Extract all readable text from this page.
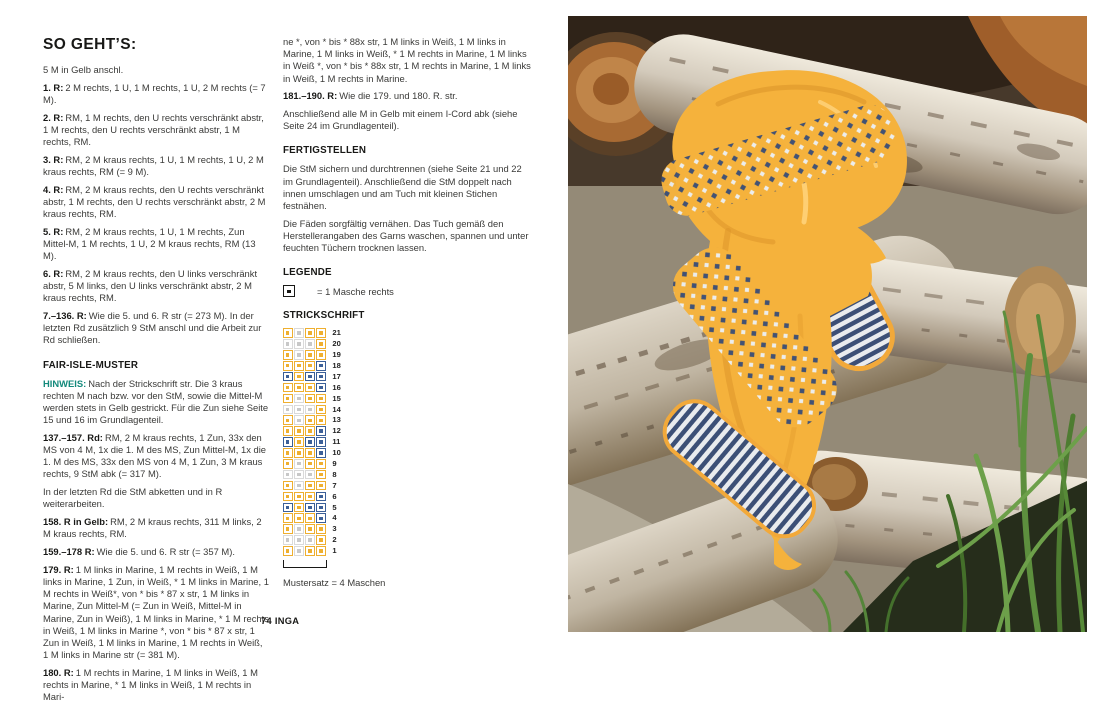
SO GEHT’S:

5 M in Gelb anschl.

1. R: 2 M rechts, 1 U, 1 M rechts, 1 U, 2 M rechts (= 7 M).

2. R: RM, 1 M rechts, den U rechts verschränkt abstr, 1 M rechts, den U rechts verschränkt abstr, 1 M rechts, RM.

3. R: RM, 2 M kraus rechts, 1 U, 1 M rechts, 1 U, 2 M kraus rechts, RM (= 9 M).

4. R: RM, 2 M kraus rechts, den U rechts verschränkt abstr, 1 M rechts, den U rechts verschränkt abstr, 2 M kraus rechts, RM.

5. R: RM, 2 M kraus rechts, 1 U, 1 M rechts, Zun Mittel-M, 1 M rechts, 1 U, 2 M kraus rechts, RM (13 M).

6. R: RM, 2 M kraus rechts, den U links verschränkt abstr, 5 M links, den U links verschränkt abstr, 2 M kraus rechts, RM.

7.–136. R: Wie die 5. und 6. R str (= 273 M). In der letzten Rd zusätzlich 9 StM anschl und die Arbeit zur Rd schließen.

FAIR-ISLE-MUSTER

HINWEIS: Nach der Strickschrift str. Die 3 kraus rechten M nach bzw. vor den StM, sowie die Mittel-M werden stets in Gelb gestrickt. Für die Zun siehe Seite 15 und 16 im Grundlagenteil.

137.–157. Rd: RM, 2 M kraus rechts, 1 Zun, 33x den MS von 4 M, 1x die 1. M des MS, Zun Mittel-M, 1x die 1. M des MS, 33x den MS von 4 M, 1 Zun, 3 M kraus rechts, 9 StM abk (= 317 M).

In der letzten Rd die StM abketten und in R weiterarbeiten.

158. R in Gelb: RM, 2 M kraus rechts, 311 M links, 2 M kraus rechts, RM.

159.–178 R: Wie die 5. und 6. R str (= 357 M).

179. R: 1 M links in Marine, 1 M rechts in Weiß, 1 M links in Marine, 1 Zun, in Weiß, * 1 M links in Marine, 1 M rechts in Weiß*, von * bis * 87 x str, 1 M links in Marine, Zun Mittel-M (= Zun in Weiß, Mittel-M in Marine, Zun in Weiß), 1 M links in Marine, * 1 M rechts in Weiß, 1 M links in Marine *, von * bis * 87 x str, 1 Zun in Weiß, 1 M links in Marine, 1 M rechts in Weiß, 1 M links in Marine str (= 381 M).

180. R: 1 M rechts in Marine, 1 M links in Weiß, 1 M rechts in Marine, * 1 M links in Weiß, 1 M rechts in Mari-

ne *, von * bis * 88x str, 1 M links in Weiß, 1 M links in Marine, 1 M links in Weiß, * 1 M rechts in Marine, 1 M links in Weiß *, von * bis * 88x str, 1 M rechts in Marine, 1 M links in Weiß, 1 M rechts in Marine.

181.–190. R: Wie die 179. und 180. R. str.

Anschließend alle M in Gelb mit einem I-Cord abk (siehe Seite 24 im Grundlagenteil).

FERTIGSTELLEN

Die StM sichern und durchtrennen (siehe Seite 21 und 22 im Grundlagenteil). Anschließend die StM doppelt nach innen umschlagen und am Tuch mit kleinen Stichen festnähen.

Die Fäden sorgfältig vernähen. Das Tuch gemäß den Herstellerangaben des Garns waschen, spannen und unter feuchten Tüchern trocknen lassen.

LEGENDE
= 1 Masche rechts
STRICKSCHRIFT
21
20
19
18
17
16
15
14
13
12
11
10
9
8
7
6
5
4
3
2
1
Mustersatz = 4 Maschen
74 INGA
